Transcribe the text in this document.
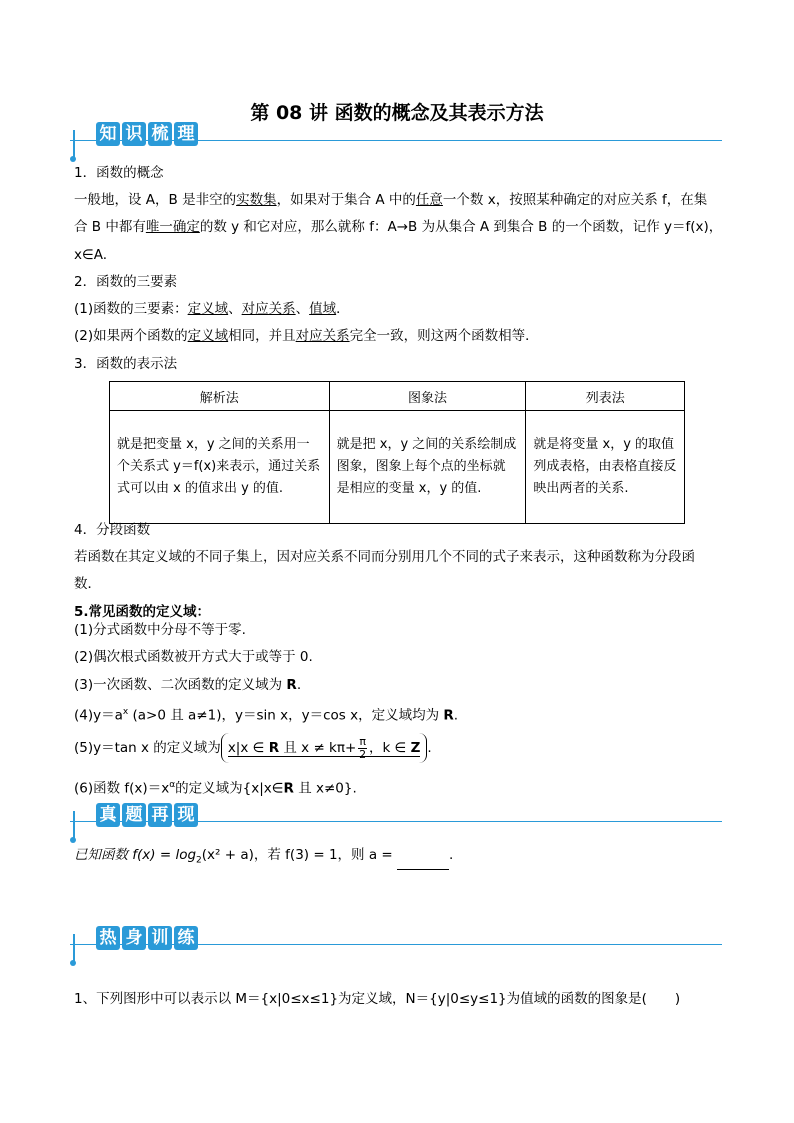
第 08 讲 函数的概念及其表示方法
知 识 梳 理
1．函数的概念
一般地，设 A，B 是非空的实数集，如果对于集合 A 中的任意一个数 x，按照某种确定的对应关系 f，在集
合 B 中都有唯一确定的数 y 和它对应，那么就称 f：A→B 为从集合 A 到集合 B 的一个函数，记作 y＝f(x)，
x∈A.
2．函数的三要素
(1)函数的三要素：定义域、对应关系、值域．
(2)如果两个函数的定义域相同，并且对应关系完全一致，则这两个函数相等．
3．函数的表示法
解析法	图象法	列表法
就是把变量 x，y 之间的关系用一个关系式 y＝f(x)来表示，通过关系式可以由 x 的值求出 y 的值.	就是把 x，y 之间的关系绘制成图象，图象上每个点的坐标就是相应的变量 x，y 的值.	就是将变量 x，y 的取值列成表格，由表格直接反映出两者的关系.
4．分段函数
若函数在其定义域的不同子集上，因对应关系不同而分别用几个不同的式子来表示，这种函数称为分段函
数．
5.常见函数的定义域：
(1)分式函数中分母不等于零.
(2)偶次根式函数被开方式大于或等于 0.
(3)一次函数、二次函数的定义域为 R.
$(4)y=a^x$ (a>0 且 a≠1)，y＝sin x，y＝cos x，定义域均为 R.
(5)y＝tan x 的定义域为 x|x ∈ R 且 $x \ne k\pi+ \frac{\pi}{2}$ ，k ∈ Z .
(6)函数 $f(x)=x^\alpha$的定义域为{x|x∈R 且 x≠0}.
真 题 再 现
已知函数 $f(x) = \log_2(x^2 + a)$，若 f(3) = 1，则 a =	.
热 身 训 练
1、下列图形中可以表示以 M＝{x|0≤x≤1}为定义域，N＝{y|0≤y≤1}为值域的函数的图象是( )
